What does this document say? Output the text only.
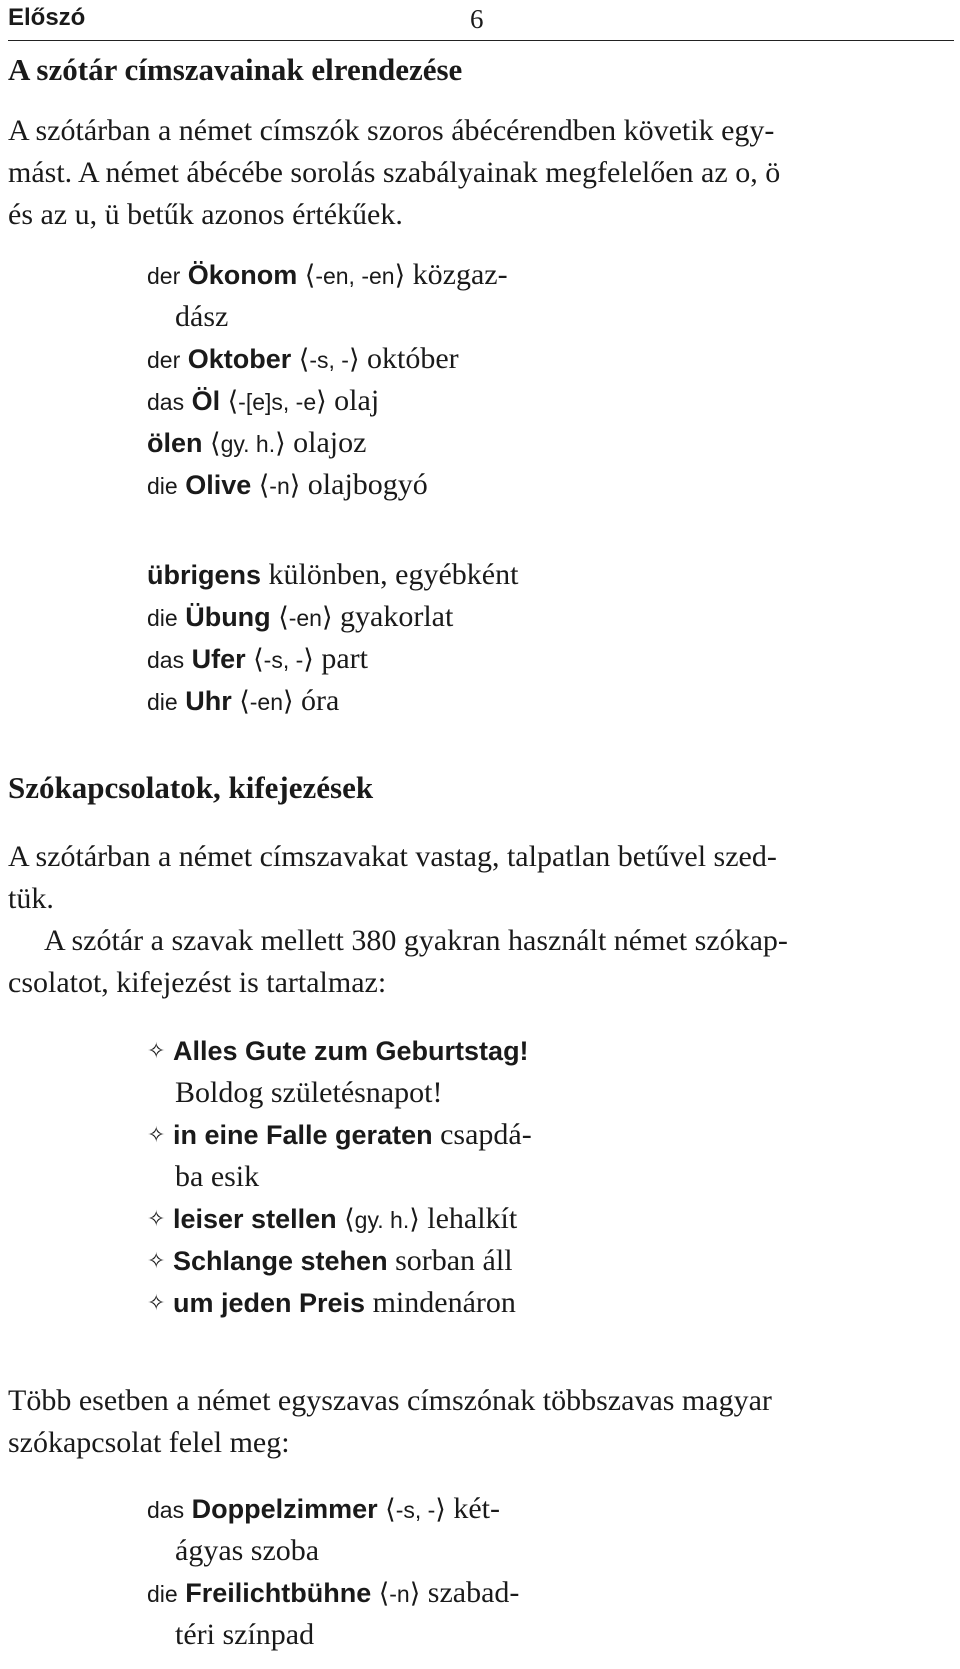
Előszó	6
A szótár címszavainak elrendezése
A szótárban a német címszók szoros ábécérendben követik egy-
mást. A német ábécébe sorolás szabályainak megfelelően az o, ö
és az u, ü betűk azonos értékűek.
der Ökonom ⟨-en, -en⟩ közgaz-
dász
der Oktober ⟨-s, -⟩ október
das Öl ⟨-[e]s, -e⟩ olaj
ölen ⟨gy. h.⟩ olajoz
die Olive ⟨-n⟩ olajbogyó
übrigens különben, egyébként
die Übung ⟨-en⟩ gyakorlat
das Ufer ⟨-s, -⟩ part
die Uhr ⟨-en⟩ óra
Szókapcsolatok, kifejezések
A szótárban a német címszavakat vastag, talpatlan betűvel szed-
tük.
A szótár a szavak mellett 380 gyakran használt német szókap-
csolatot, kifejezést is tartalmaz:
✧ Alles Gute zum Geburtstag!
Boldog születésnapot!
✧ in eine Falle geraten csapdá-
ba esik
✧ leiser stellen ⟨gy. h.⟩ lehalkít
✧ Schlange stehen sorban áll
✧ um jeden Preis mindenáron
Több esetben a német egyszavas címszónak többszavas magyar
szókapcsolat felel meg:
das Doppelzimmer ⟨-s, -⟩ két-
ágyas szoba
die Freilichtbühne ⟨-n⟩ szabad-
téri színpad
